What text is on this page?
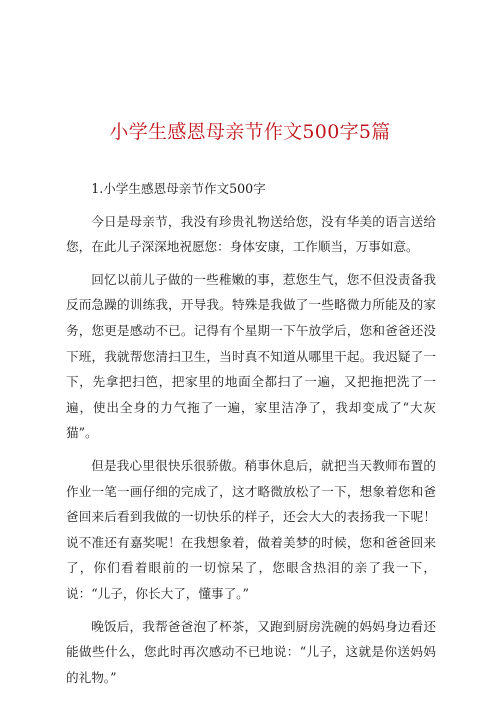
小学生感恩母亲节作文500字5篇

1.小学生感恩母亲节作文500字

今日是母亲节，我没有珍贵礼物送给您，没有华美的语言送给您，在此儿子深深地祝愿您：身体安康，工作顺当，万事如意。

回忆以前儿子做的一些稚嫩的事，惹您生气，您不但没责备我反而急躁的训练我，开导我。特殊是我做了一些略微力所能及的家务，您更是感动不已。记得有个星期一下午放学后，您和爸爸还没下班，我就帮您清扫卫生，当时真不知道从哪里干起。我迟疑了一下，先拿把扫笆，把家里的地面全都扫了一遍，又把拖把洗了一遍，使出全身的力气拖了一遍，家里洁净了，我却变成了“大灰猫”。

但是我心里很快乐很骄傲。稍事休息后，就把当天教师布置的作业一笔一画仔细的完成了，这才略微放松了一下，想象着您和爸爸回来后看到我做的一切快乐的样子，还会大大的表扬我一下呢！说不准还有嘉奖呢！在我想象着，做着美梦的时候，您和爸爸回来了，你们看着眼前的一切惊呆了，您眼含热泪的亲了我一下，说：“儿子，你长大了，懂事了。”

晚饭后，我帮爸爸泡了杯茶，又跑到厨房洗碗的妈妈身边看还能做些什么，您此时再次感动不已地说：“儿子，这就是你送妈妈的礼物。”
